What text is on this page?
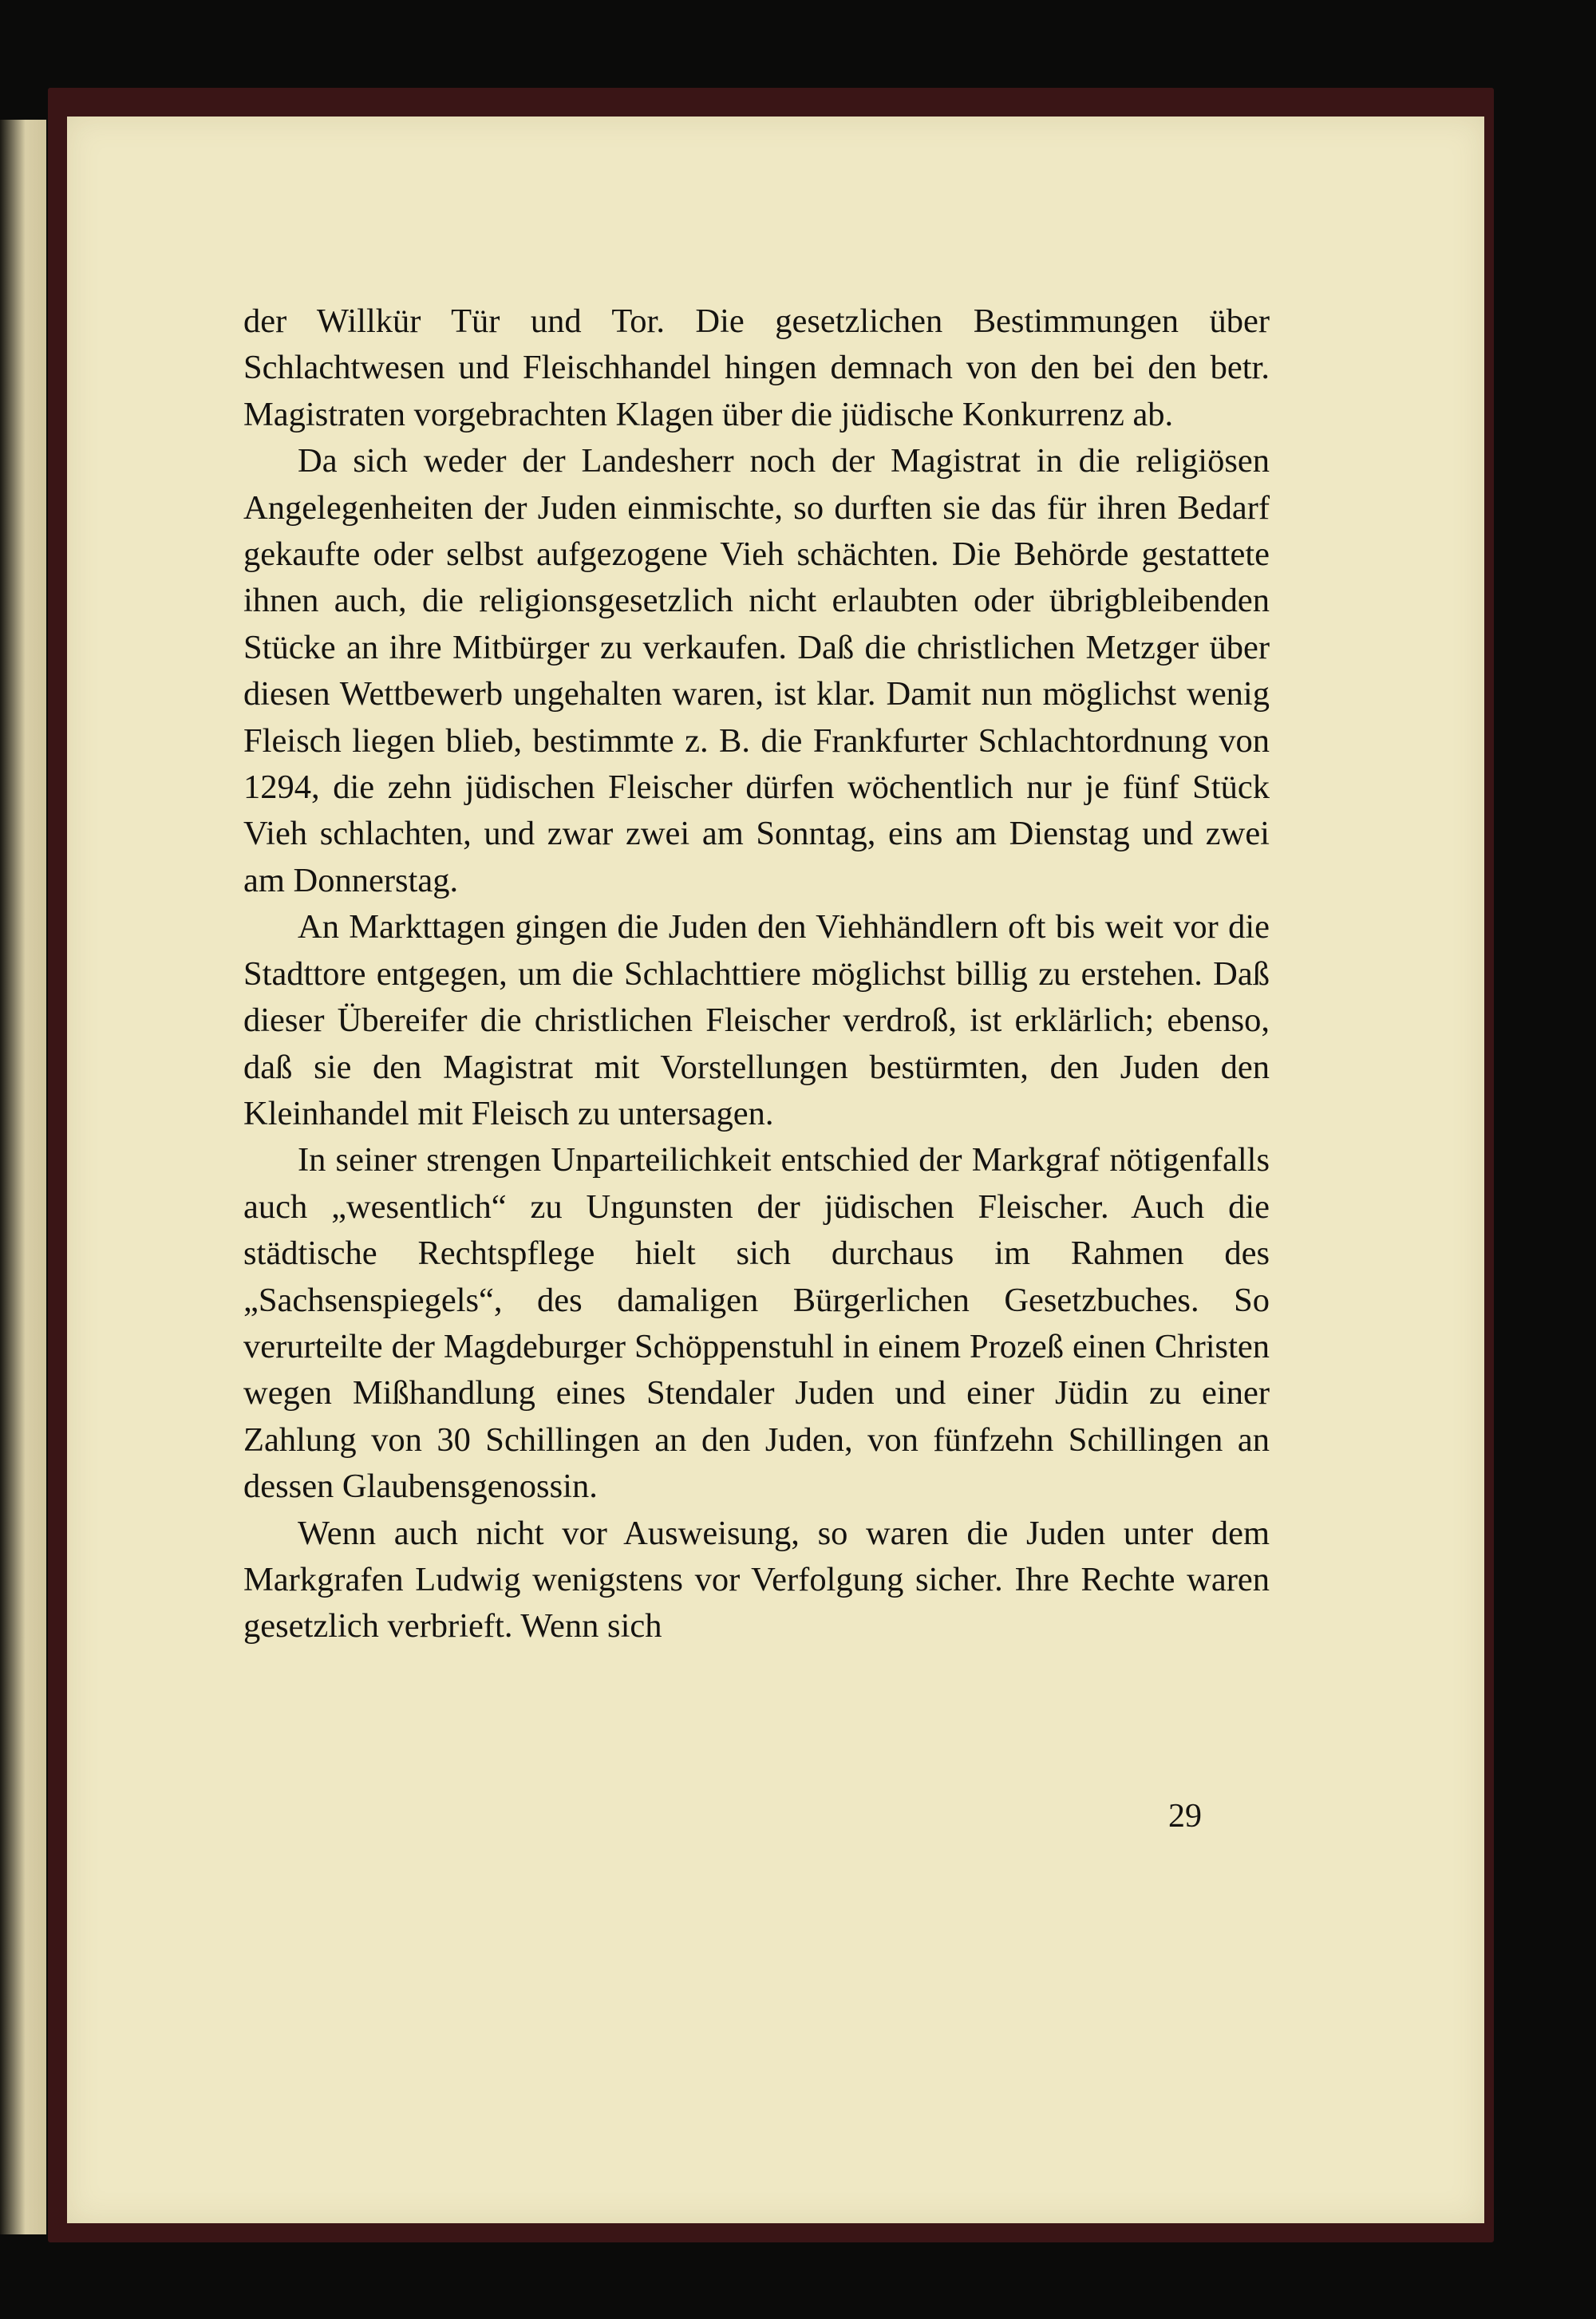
der Willkür Tür und Tor. Die gesetzlichen Bestimmungen über Schlachtwesen und Fleischhandel hingen demnach von den bei den betr. Magistraten vorgebrachten Klagen über die jüdische Konkurrenz ab.

Da sich weder der Landesherr noch der Magistrat in die religiösen Angelegenheiten der Juden einmischte, so durften sie das für ihren Bedarf gekaufte oder selbst aufgezogene Vieh schächten. Die Behörde gestattete ihnen auch, die religionsgesetzlich nicht erlaubten oder übrigbleibenden Stücke an ihre Mitbürger zu verkaufen. Daß die christlichen Metzger über diesen Wettbewerb ungehalten waren, ist klar. Damit nun möglichst wenig Fleisch liegen blieb, bestimmte z. B. die Frankfurter Schlachtordnung von 1294, die zehn jüdischen Fleischer dürfen wöchentlich nur je fünf Stück Vieh schlachten, und zwar zwei am Sonntag, eins am Dienstag und zwei am Donnerstag.

An Markttagen gingen die Juden den Viehhändlern oft bis weit vor die Stadttore entgegen, um die Schlachttiere möglichst billig zu erstehen. Daß dieser Übereifer die christlichen Fleischer verdroß, ist erklärlich; ebenso, daß sie den Magistrat mit Vorstellungen bestürmten, den Juden den Kleinhandel mit Fleisch zu untersagen.

In seiner strengen Unparteilichkeit entschied der Markgraf nötigenfalls auch „wesentlich“ zu Ungunsten der jüdischen Fleischer. Auch die städtische Rechtspflege hielt sich durchaus im Rahmen des „Sachsenspiegels“, des damaligen Bürgerlichen Gesetzbuches. So verurteilte der Magdeburger Schöppenstuhl in einem Prozeß einen Christen wegen Mißhandlung eines Stendaler Juden und einer Jüdin zu einer Zahlung von 30 Schillingen an den Juden, von fünfzehn Schillingen an dessen Glaubensgenossin.

Wenn auch nicht vor Ausweisung, so waren die Juden unter dem Markgrafen Ludwig wenigstens vor Verfolgung sicher. Ihre Rechte waren gesetzlich verbrieft. Wenn sich

29
